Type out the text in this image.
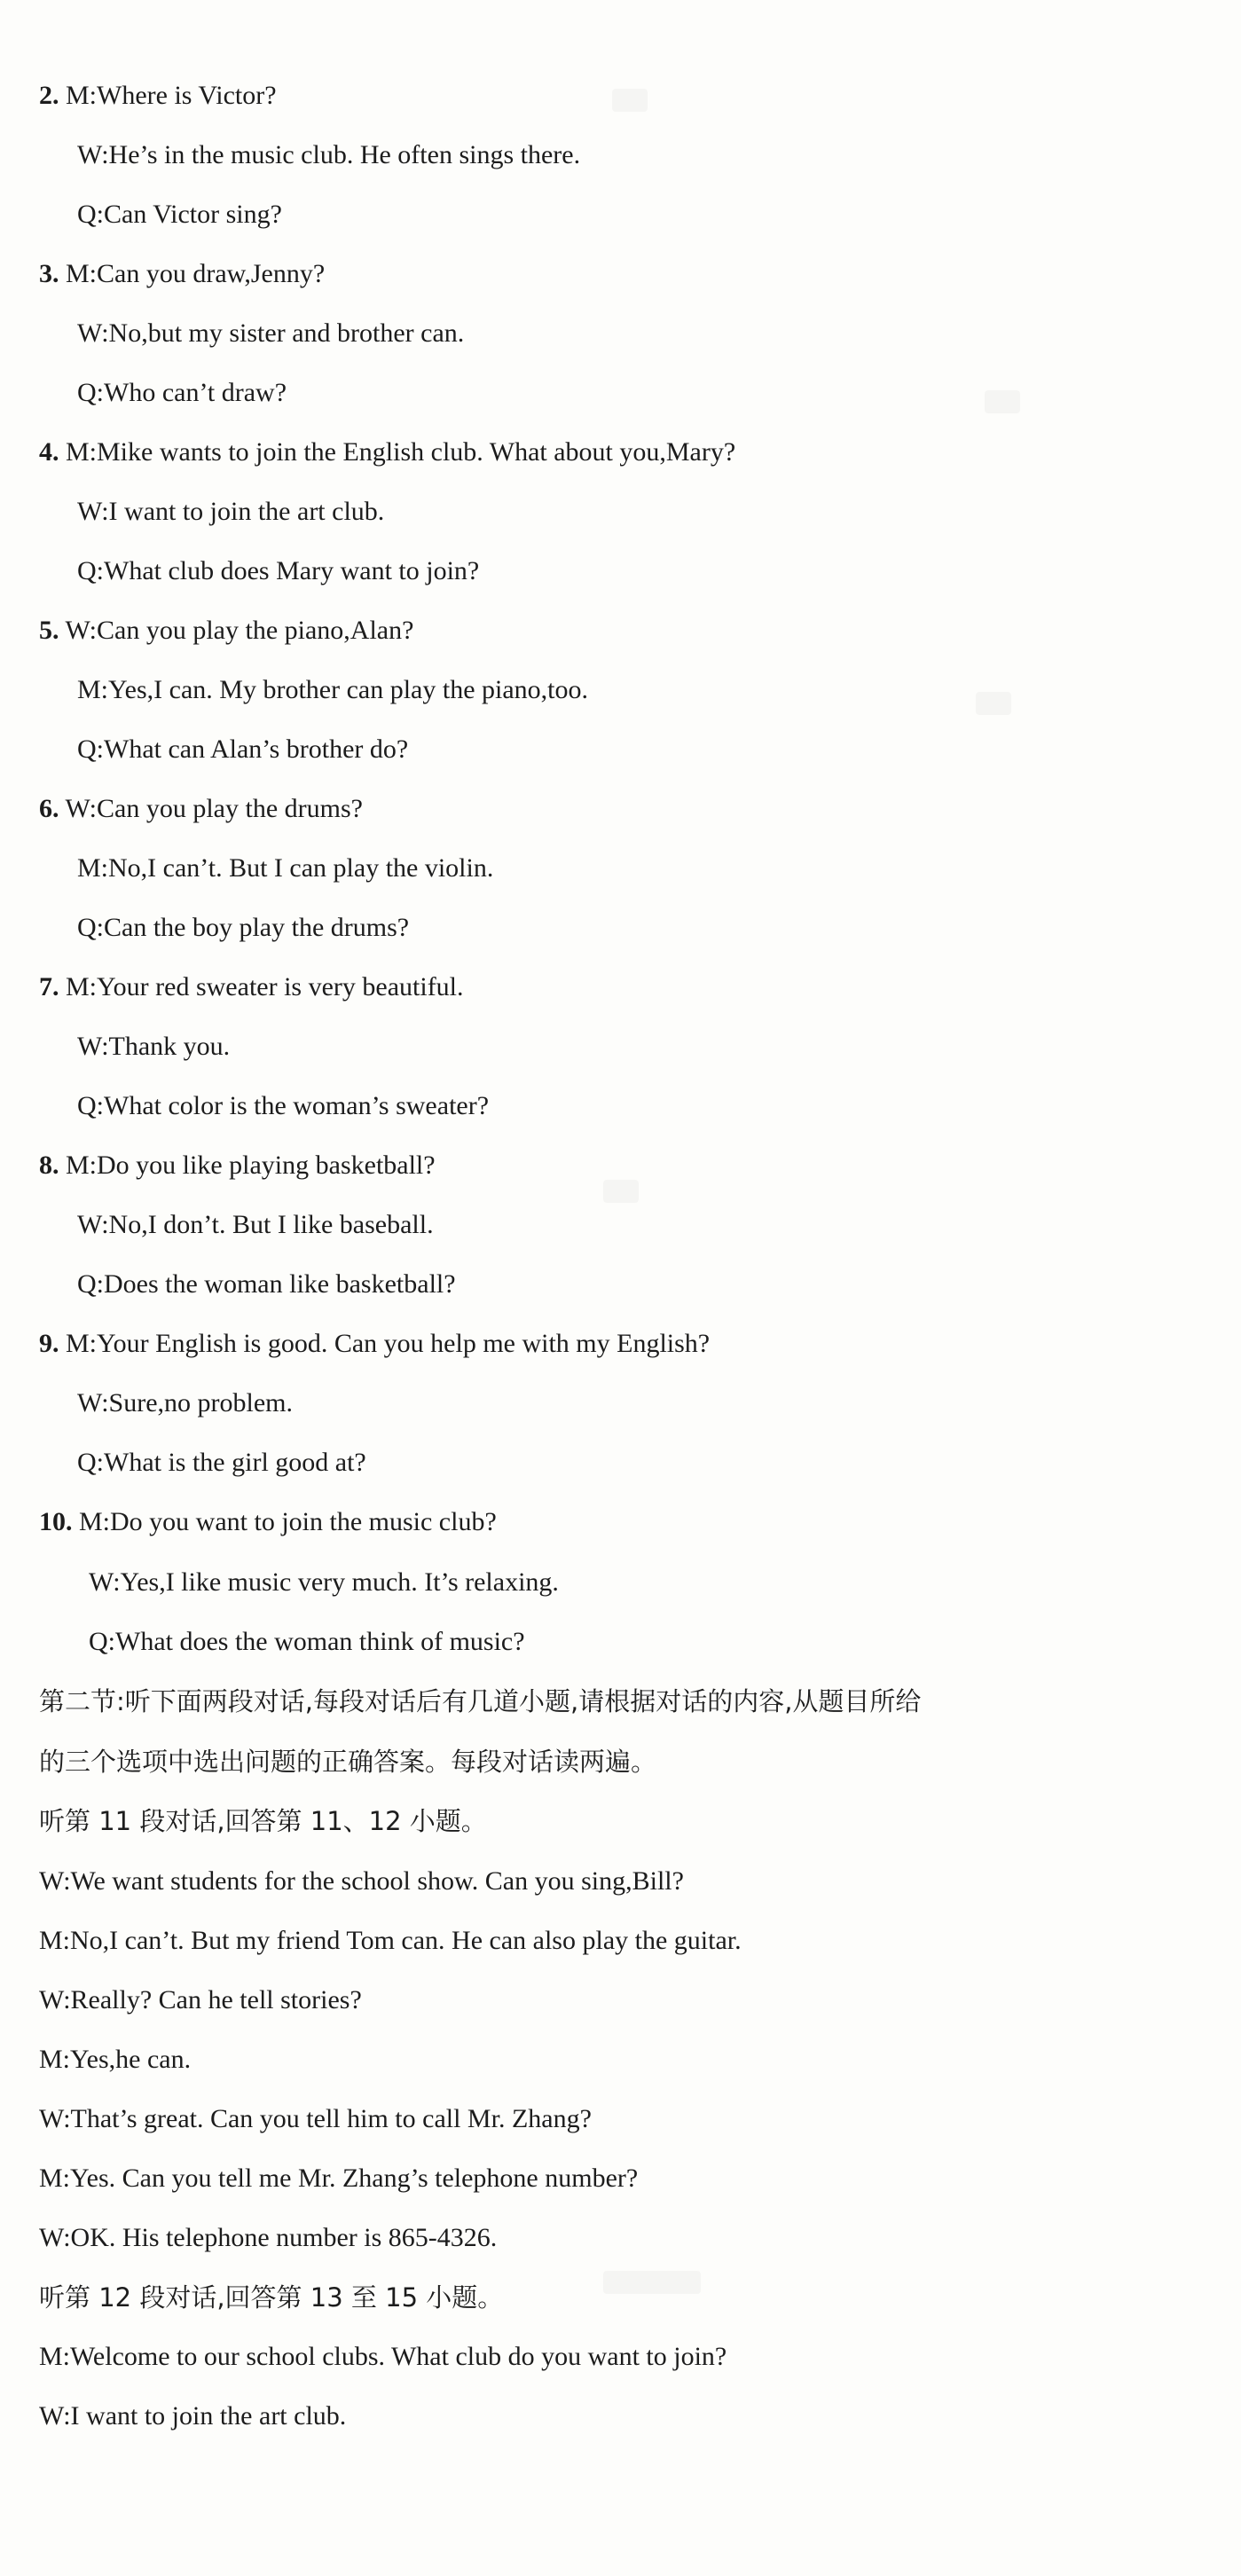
2. M:Where is Victor?
W:He’s in the music club. He often sings there.
Q:Can Victor sing?
3. M:Can you draw,Jenny?
W:No,but my sister and brother can.
Q:Who can’t draw?
4. M:Mike wants to join the English club. What about you,Mary?
W:I want to join the art club.
Q:What club does Mary want to join?
5. W:Can you play the piano,Alan?
M:Yes,I can. My brother can play the piano,too.
Q:What can Alan’s brother do?
6. W:Can you play the drums?
M:No,I can’t. But I can play the violin.
Q:Can the boy play the drums?
7. M:Your red sweater is very beautiful.
W:Thank you.
Q:What color is the woman’s sweater?
8. M:Do you like playing basketball?
W:No,I don’t. But I like baseball.
Q:Does the woman like basketball?
9. M:Your English is good. Can you help me with my English?
W:Sure,no problem.
Q:What is the girl good at?
10. M:Do you want to join the music club?
W:Yes,I like music very much. It’s relaxing.
Q:What does the woman think of music?
第二节:听下面两段对话,每段对话后有几道小题,请根据对话的内容,从题目所给
的三个选项中选出问题的正确答案。每段对话读两遍。
听第 11 段对话,回答第 11、12 小题。
W:We want students for the school show. Can you sing,Bill?
M:No,I can’t. But my friend Tom can. He can also play the guitar.
W:Really? Can he tell stories?
M:Yes,he can.
W:That’s great. Can you tell him to call Mr. Zhang?
M:Yes. Can you tell me Mr. Zhang’s telephone number?
W:OK. His telephone number is 865-4326.
听第 12 段对话,回答第 13 至 15 小题。
M:Welcome to our school clubs. What club do you want to join?
W:I want to join the art club.
